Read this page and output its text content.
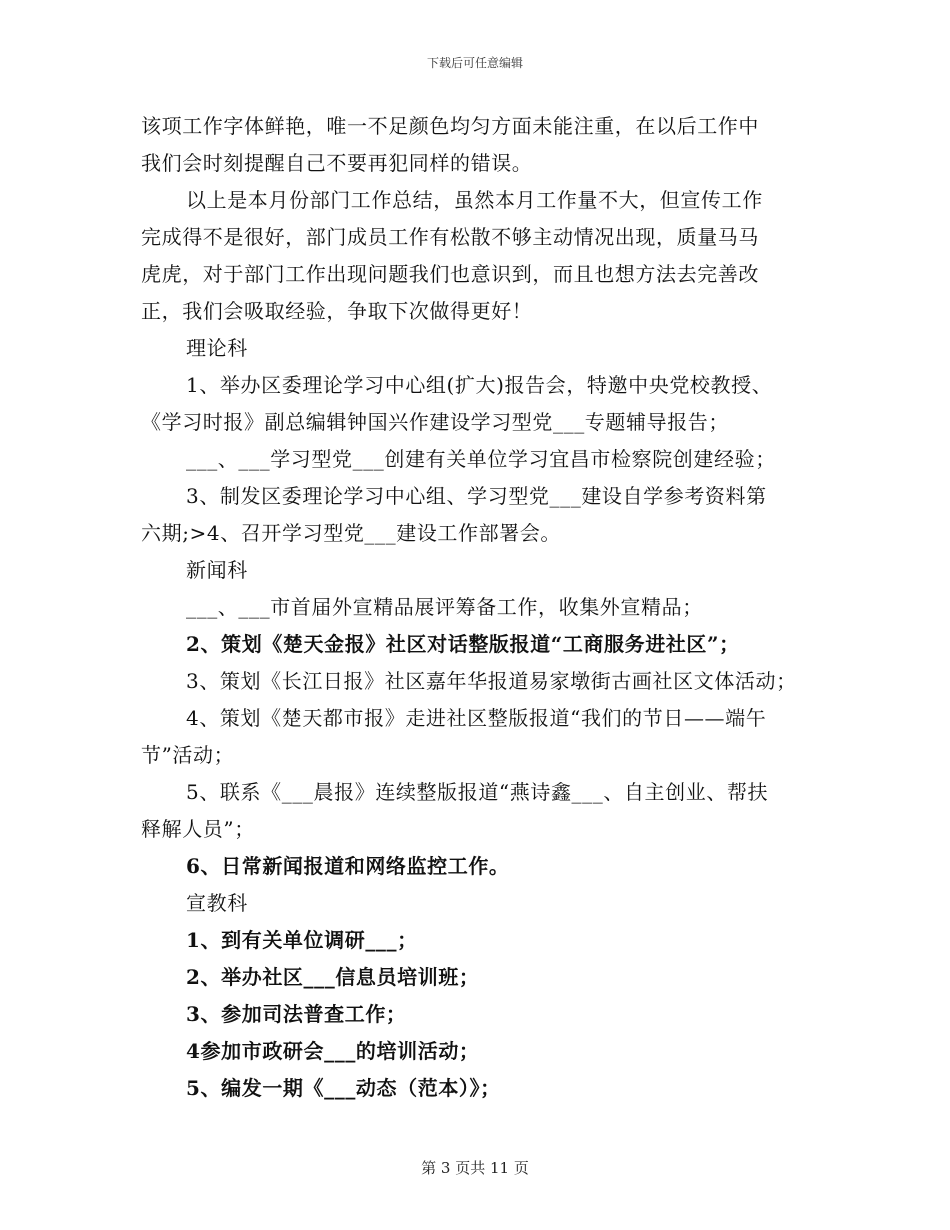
下载后可任意编辑
该项工作字体鲜艳，唯一不足颜色均匀方面未能注重，在以后工作中
我们会时刻提醒自己不要再犯同样的错误。
以上是本月份部门工作总结，虽然本月工作量不大，但宣传工作
完成得不是很好，部门成员工作有松散不够主动情况出现，质量马马
虎虎，对于部门工作出现问题我们也意识到，而且也想方法去完善改
正，我们会吸取经验，争取下次做得更好！
理论科
1、举办区委理论学习中心组(扩大)报告会，特邀中央党校教授、
《学习时报》副总编辑钟国兴作建设学习型党___专题辅导报告；
___、___学习型党___创建有关单位学习宜昌市检察院创建经验；
3、制发区委理论学习中心组、学习型党___建设自学参考资料第
六期;>4、召开学习型党___建设工作部署会。
新闻科
___、___市首届外宣精品展评筹备工作，收集外宣精品；
2、策划《楚天金报》社区对话整版报道“工商服务进社区”；
3、策划《长江日报》社区嘉年华报道易家墩街古画社区文体活动；
4、策划《楚天都市报》走进社区整版报道“我们的节日——端午
节”活动；
5、联系《___晨报》连续整版报道“燕诗鑫___、自主创业、帮扶
释解人员”；
6、日常新闻报道和网络监控工作。
宣教科
1、到有关单位调研___；
2、举办社区___信息员培训班；
3、参加司法普查工作；
4参加市政研会___的培训活动；
5、编发一期《___动态（范本）》；
第 3 页共 11 页
